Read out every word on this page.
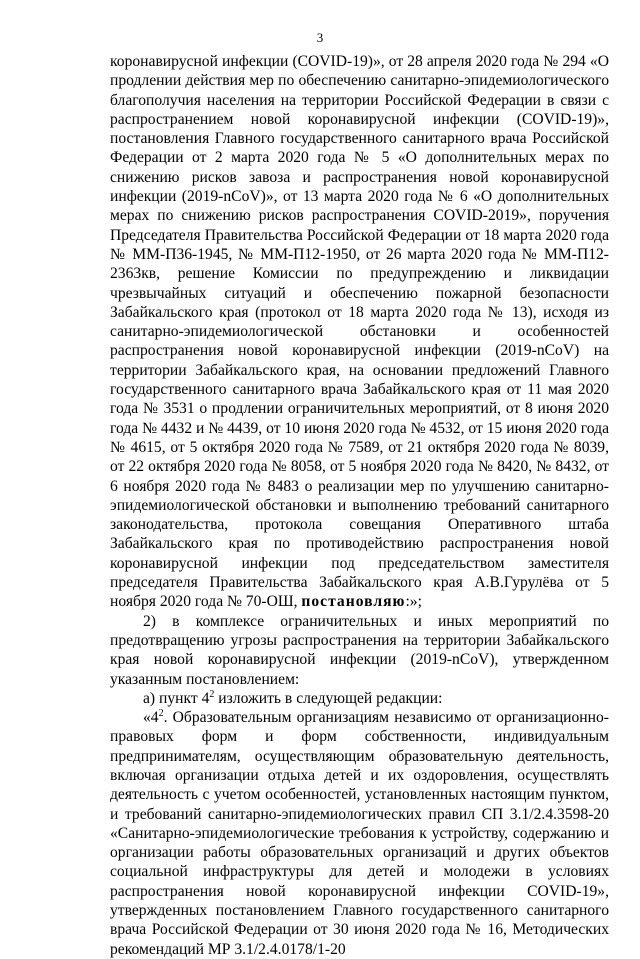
3

коронавирусной инфекции (COVID-19)», от 28 апреля 2020 года № 294 «О продлении действия мер по обеспечению санитарно-эпидемиологического благополучия населения на территории Российской Федерации в связи с распространением новой коронавирусной инфекции (COVID-19)», постановления Главного государственного санитарного врача Российской Федерации от 2 марта 2020 года № 5 «О дополнительных мерах по снижению рисков завоза и распространения новой коронавирусной инфекции (2019-nCoV)», от 13 марта 2020 года № 6 «О дополнительных мерах по снижению рисков распространения COVID-2019», поручения Председателя Правительства Российской Федерации от 18 марта 2020 года № ММ-П36-1945, № ММ-П12-1950, от 26 марта 2020 года № ММ-П12-2363кв, решение Комиссии по предупреждению и ликвидации чрезвычайных ситуаций и обеспечению пожарной безопасности Забайкальского края (протокол от 18 марта 2020 года № 13), исходя из санитарно-эпидемиологической обстановки и особенностей распространения новой коронавирусной инфекции (2019-nCoV) на территории Забайкальского края, на основании предложений Главного государственного санитарного врача Забайкальского края от 11 мая 2020 года № 3531 о продлении ограничительных мероприятий, от 8 июня 2020 года № 4432 и № 4439, от 10 июня 2020 года № 4532, от 15 июня 2020 года № 4615, от 5 октября 2020 года № 7589, от 21 октября 2020 года № 8039, от 22 октября 2020 года № 8058, от 5 ноября 2020 года № 8420, № 8432, от 6 ноября 2020 года № 8483 о реализации мер по улучшению санитарно-эпидемиологической обстановки и выполнению требований санитарного законодательства, протокола совещания Оперативного штаба Забайкальского края по противодействию распространения новой коронавирусной инфекции под председательством заместителя председателя Правительства Забайкальского края А.В.Гурулёва от 5 ноября 2020 года № 70-ОШ, постановляю:»;

2) в комплексе ограничительных и иных мероприятий по предотвращению угрозы распространения на территории Забайкальского края новой коронавирусной инфекции (2019-nCoV), утвержденном указанным постановлением:

а) пункт $4^2$ изложить в следующей редакции:

«$4^2$. Образовательным организациям независимо от организационно-правовых форм и форм собственности, индивидуальным предпринимателям, осуществляющим образовательную деятельность, включая организации отдыха детей и их оздоровления, осуществлять деятельность с учетом особенностей, установленных настоящим пунктом, и требований санитарно-эпидемиологических правил СП 3.1/2.4.3598-20 «Санитарно-эпидемиологические требования к устройству, содержанию и организации работы образовательных организаций и других объектов социальной инфраструктуры для детей и молодежи в условиях распространения новой коронавирусной инфекции COVID-19», утвержденных постановлением Главного государственного санитарного врача Российской Федерации от 30 июня 2020 года № 16, Методических рекомендаций МР 3.1/2.4.0178/1-20
